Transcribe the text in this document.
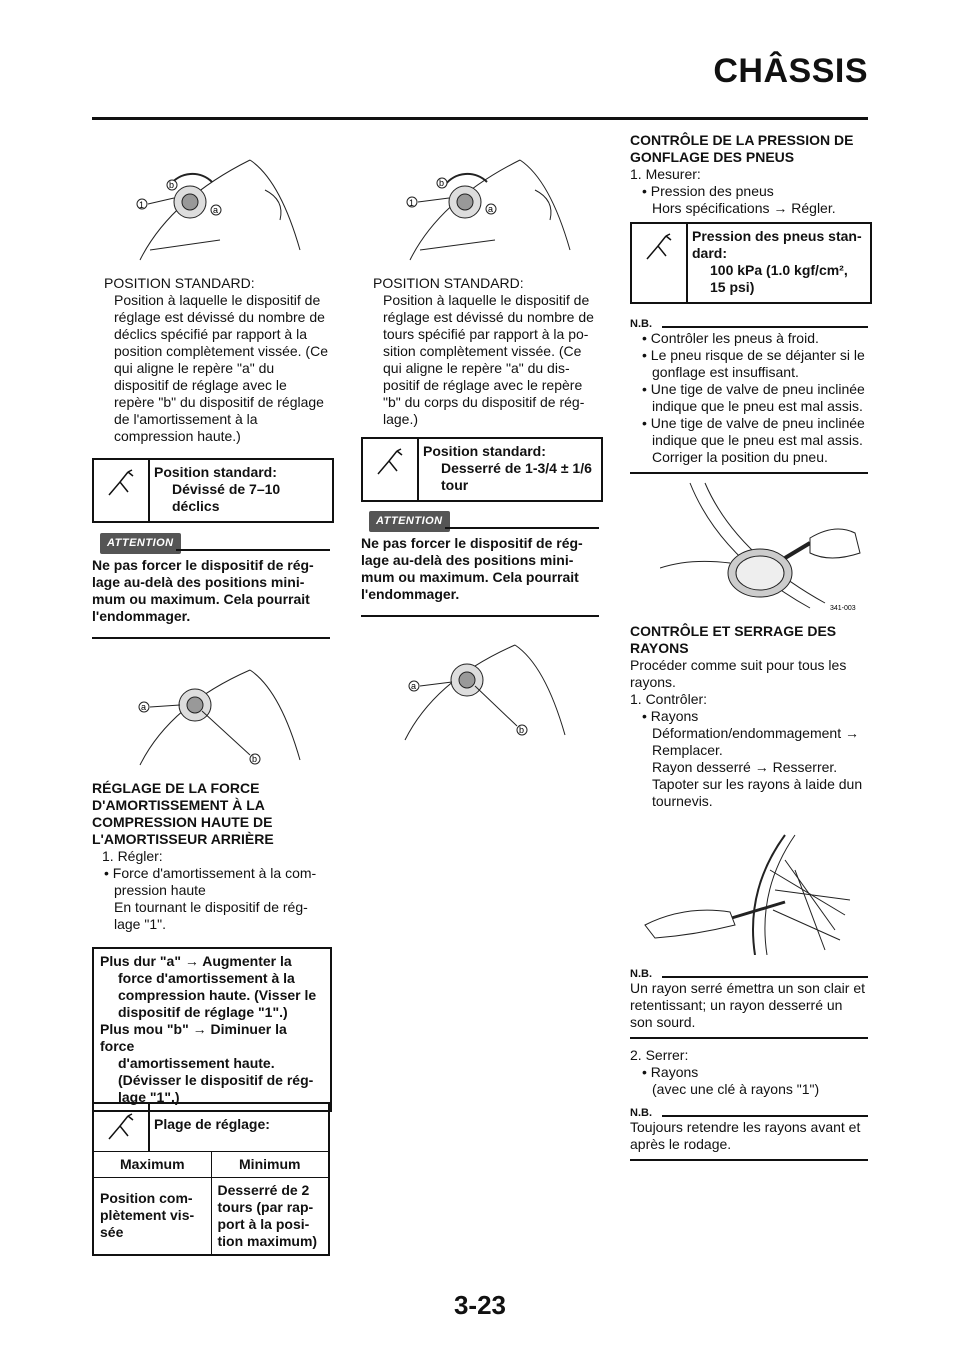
CHÂSSIS
1
b
a
1
b
a
a
b
a
b
341-003
POSITION STANDARD:
Position à laquelle le dispositif de réglage est dévissé du nombre de déclics spécifié par rapport à la position complètement vissée. (Ce qui aligne le repère "a" du dispositif de réglage avec le repère "b" du dispositif de réglage de l'amortissement à la compression haute.)
Position standard:
Dévissé de 7–10 déclics
ATTENTION
Ne pas forcer le dispositif de rég-lage au-delà des positions mini-mum ou maximum. Cela pourrait l'endommager.
RÉGLAGE DE LA FORCE D'AMORTISSEMENT À LA COMPRESSION HAUTE DE L'AMORTISSEUR ARRIÈRE
1. Régler:
• Force d'amortissement à la com-pression haute
En tournant le dispositif de rég-lage "1".
Plus dur "a" → Augmenter la
force d'amortissement à la compression haute. (Visser le dispositif de réglage "1".)
Plus mou "b" → Diminuer la force
d'amortissement haute. (Dévisser le dispositif de rég-lage "1".)
Plage de réglage:
Maximum	Minimum
Position com-plètement vis-sée
Desserré de 2 tours (par rap-port à la posi-tion maximum)
POSITION STANDARD:
Position à laquelle le dispositif de réglage est dévissé du nombre de tours spécifié par rapport à la po-sition complètement vissée. (Ce qui aligne le repère "a" du dis-positif de réglage avec le repère "b" du corps du dispositif de rég-lage.)
Position standard:
Desserré de 1-3/4 ± 1/6 tour
ATTENTION
Ne pas forcer le dispositif de rég-lage au-delà des positions mini-mum ou maximum. Cela pourrait l'endommager.
CONTRÔLE DE LA PRESSION DE GONFLAGE DES PNEUS
1. Mesurer:
• Pression des pneus
Hors spécifications → Régler.
Pression des pneus stan-dard:
100 kPa (1.0 kgf/cm², 15 psi)
N.B.
• Contrôler les pneus à froid.
• Le pneu risque de se déjanter si le gonflage est insuffisant.
• Une tige de valve de pneu inclinée indique que le pneu est mal assis.
• Une tige de valve de pneu inclinée indique que le pneu est mal assis. Corriger la position du pneu.
CONTRÔLE ET SERRAGE DES RAYONS
Procéder comme suit pour tous les rayons.
1. Contrôler:
• Rayons
Déformation/endommagement → Remplacer.
Rayon desserré → Resserrer.
Tapoter sur les rayons à laide dun tournevis.
N.B.
Un rayon serré émettra un son clair et retentissant; un rayon desserré un son sourd.
2. Serrer:
• Rayons
(avec une clé à rayons "1")
N.B.
Toujours retendre les rayons avant et après le rodage.
3-23
